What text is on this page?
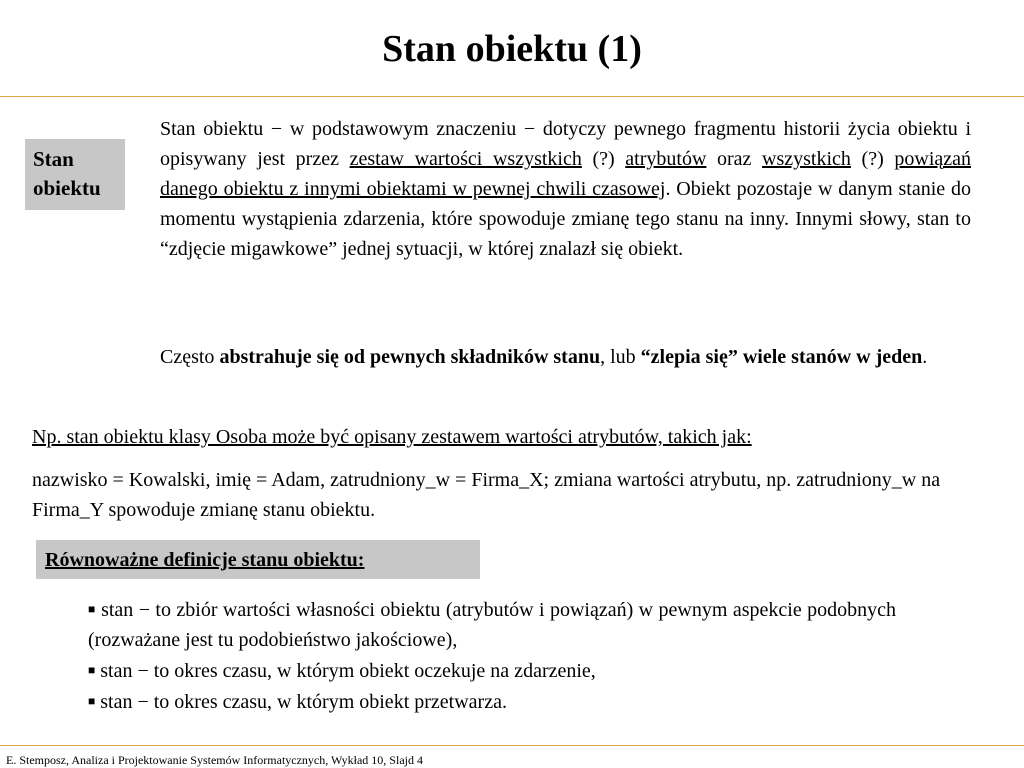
Stan obiektu (1)
Stan
obiektu
Stan obiektu − w podstawowym znaczeniu − dotyczy pewnego fragmentu historii życia obiektu i opisywany jest przez zestaw wartości wszystkich (?) atrybutów oraz wszystkich (?) powiązań danego obiektu z innymi obiektami w pewnej chwili czasowej. Obiekt pozostaje w danym stanie do momentu wystąpienia zdarzenia, które spowoduje zmianę tego stanu na inny. Innymi słowy, stan to “zdjęcie migawkowe” jednej sytuacji, w której znalazł się obiekt.
Często abstrahuje się od pewnych składników stanu, lub “zlepia się” wiele stanów w jeden.
Np. stan obiektu klasy Osoba może być opisany zestawem wartości atrybutów, takich jak:
nazwisko = Kowalski, imię = Adam, zatrudniony_w = Firma_X; zmiana wartości atrybutu, np. zatrudniony_w na Firma_Y spowoduje zmianę stanu obiektu.
Równoważne definicje stanu obiektu:
■ stan − to zbiór wartości własności obiektu (atrybutów i powiązań) w pewnym aspekcie podobnych (rozważane jest tu podobieństwo jakościowe),
■ stan − to okres czasu, w którym obiekt oczekuje na zdarzenie,
■ stan − to okres czasu, w którym obiekt przetwarza.
E. Stemposz, Analiza i Projektowanie Systemów Informatycznych, Wykład 10, Slajd 4
